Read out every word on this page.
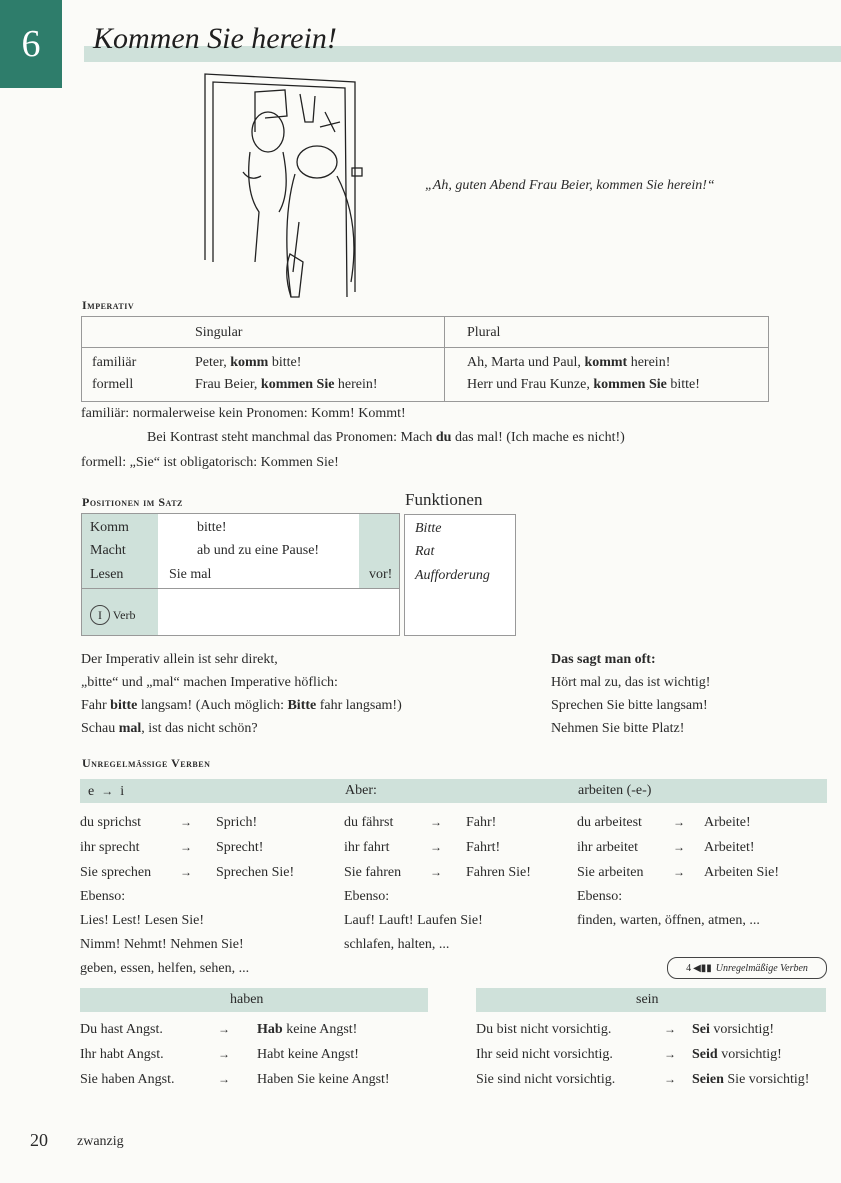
6 Kommen Sie herein!
„Ah, guten Abend Frau Beier, kommen Sie herein!“
Imperativ
Singular	Plural
familiär	Peter, komm bitte!	Ah, Marta und Paul, kommt herein!
formell	Frau Beier, kommen Sie herein!	Herr und Frau Kunze, kommen Sie bitte!
familiär: normalerweise kein Pronomen: Komm! Kommt!
Bei Kontrast steht manchmal das Pronomen: Mach du das mal! (Ich mache es nicht!)
formell: „Sie“ ist obligatorisch: Kommen Sie!
Positionen im Satz	Funktionen
Komm	bitte!
Macht	ab und zu eine Pause!
Lesen	Sie mal	vor!
I Verb
Bitte
Rat
Aufforderung
Der Imperativ allein ist sehr direkt,
„bitte“ und „mal“ machen Imperative höflich:
Fahr bitte langsam! (Auch möglich: Bitte fahr langsam!)
Schau mal, ist das nicht schön?
Das sagt man oft:
Hört mal zu, das ist wichtig!
Sprechen Sie bitte langsam!
Nehmen Sie bitte Platz!
Unregelmäßige Verben
e → i	Aber:	arbeiten (-e-)
du sprichst	→ Sprich!
ihr sprecht	→ Sprecht!
Sie sprechen → Sprechen Sie!
Ebenso:
Lies! Lest! Lesen Sie!
Nimm! Nehmt! Nehmen Sie!
geben, essen, helfen, sehen, ...
du fährst	→ Fahr!
ihr fahrt	→ Fahrt!
Sie fahren → Fahren Sie!
Ebenso:
Lauf! Lauft! Laufen Sie!
schlafen, halten, ...
du arbeitest	→ Arbeite!
ihr arbeitet	→ Arbeitet!
Sie arbeiten → Arbeiten Sie!
Ebenso:
finden, warten, öffnen, atmen, ...
4 ◀▮▮ Unregelmäßige Verben
haben
Du hast Angst.	→ Hab keine Angst!
Ihr habt Angst.	→ Habt keine Angst!
Sie haben Angst.	→ Haben Sie keine Angst!
sein
Du bist nicht vorsichtig.	→ Sei vorsichtig!
Ihr seid nicht vorsichtig.	→ Seid vorsichtig!
Sie sind nicht vorsichtig.	→ Seien Sie vorsichtig!
20 zwanzig
